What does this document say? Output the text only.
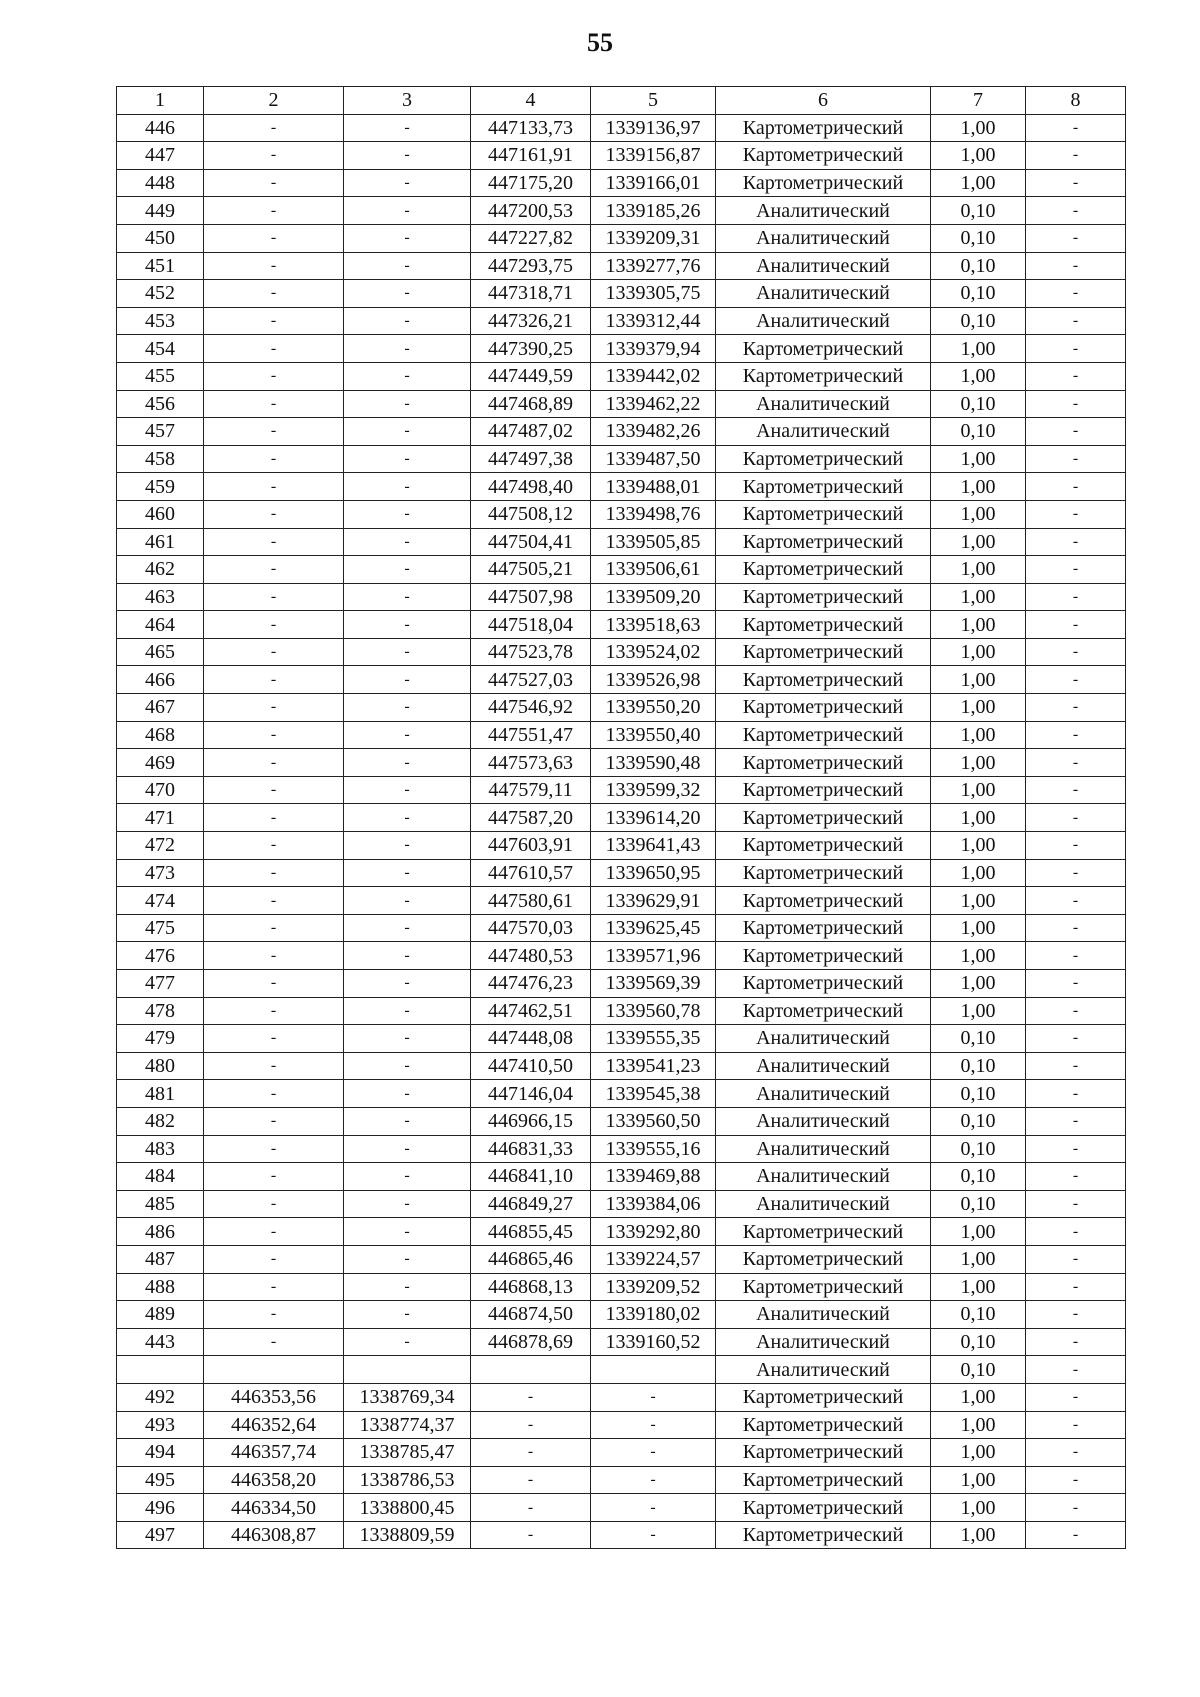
55
1	2	3	4	5	6	7	8
446	-	-	447133,73	1339136,97	Картометрический	1,00	-
447	-	-	447161,91	1339156,87	Картометрический	1,00	-
448	-	-	447175,20	1339166,01	Картометрический	1,00	-
449	-	-	447200,53	1339185,26	Аналитический	0,10	-
450	-	-	447227,82	1339209,31	Аналитический	0,10	-
451	-	-	447293,75	1339277,76	Аналитический	0,10	-
452	-	-	447318,71	1339305,75	Аналитический	0,10	-
453	-	-	447326,21	1339312,44	Аналитический	0,10	-
454	-	-	447390,25	1339379,94	Картометрический	1,00	-
455	-	-	447449,59	1339442,02	Картометрический	1,00	-
456	-	-	447468,89	1339462,22	Аналитический	0,10	-
457	-	-	447487,02	1339482,26	Аналитический	0,10	-
458	-	-	447497,38	1339487,50	Картометрический	1,00	-
459	-	-	447498,40	1339488,01	Картометрический	1,00	-
460	-	-	447508,12	1339498,76	Картометрический	1,00	-
461	-	-	447504,41	1339505,85	Картометрический	1,00	-
462	-	-	447505,21	1339506,61	Картометрический	1,00	-
463	-	-	447507,98	1339509,20	Картометрический	1,00	-
464	-	-	447518,04	1339518,63	Картометрический	1,00	-
465	-	-	447523,78	1339524,02	Картометрический	1,00	-
466	-	-	447527,03	1339526,98	Картометрический	1,00	-
467	-	-	447546,92	1339550,20	Картометрический	1,00	-
468	-	-	447551,47	1339550,40	Картометрический	1,00	-
469	-	-	447573,63	1339590,48	Картометрический	1,00	-
470	-	-	447579,11	1339599,32	Картометрический	1,00	-
471	-	-	447587,20	1339614,20	Картометрический	1,00	-
472	-	-	447603,91	1339641,43	Картометрический	1,00	-
473	-	-	447610,57	1339650,95	Картометрический	1,00	-
474	-	-	447580,61	1339629,91	Картометрический	1,00	-
475	-	-	447570,03	1339625,45	Картометрический	1,00	-
476	-	-	447480,53	1339571,96	Картометрический	1,00	-
477	-	-	447476,23	1339569,39	Картометрический	1,00	-
478	-	-	447462,51	1339560,78	Картометрический	1,00	-
479	-	-	447448,08	1339555,35	Аналитический	0,10	-
480	-	-	447410,50	1339541,23	Аналитический	0,10	-
481	-	-	447146,04	1339545,38	Аналитический	0,10	-
482	-	-	446966,15	1339560,50	Аналитический	0,10	-
483	-	-	446831,33	1339555,16	Аналитический	0,10	-
484	-	-	446841,10	1339469,88	Аналитический	0,10	-
485	-	-	446849,27	1339384,06	Аналитический	0,10	-
486	-	-	446855,45	1339292,80	Картометрический	1,00	-
487	-	-	446865,46	1339224,57	Картометрический	1,00	-
488	-	-	446868,13	1339209,52	Картометрический	1,00	-
489	-	-	446874,50	1339180,02	Аналитический	0,10	-
443	-	-	446878,69	1339160,52	Аналитический	0,10	-
					Аналитический	0,10	-
492	446353,56	1338769,34	-	-	Картометрический	1,00	-
493	446352,64	1338774,37	-	-	Картометрический	1,00	-
494	446357,74	1338785,47	-	-	Картометрический	1,00	-
495	446358,20	1338786,53	-	-	Картометрический	1,00	-
496	446334,50	1338800,45	-	-	Картометрический	1,00	-
497	446308,87	1338809,59	-	-	Картометрический	1,00	-
